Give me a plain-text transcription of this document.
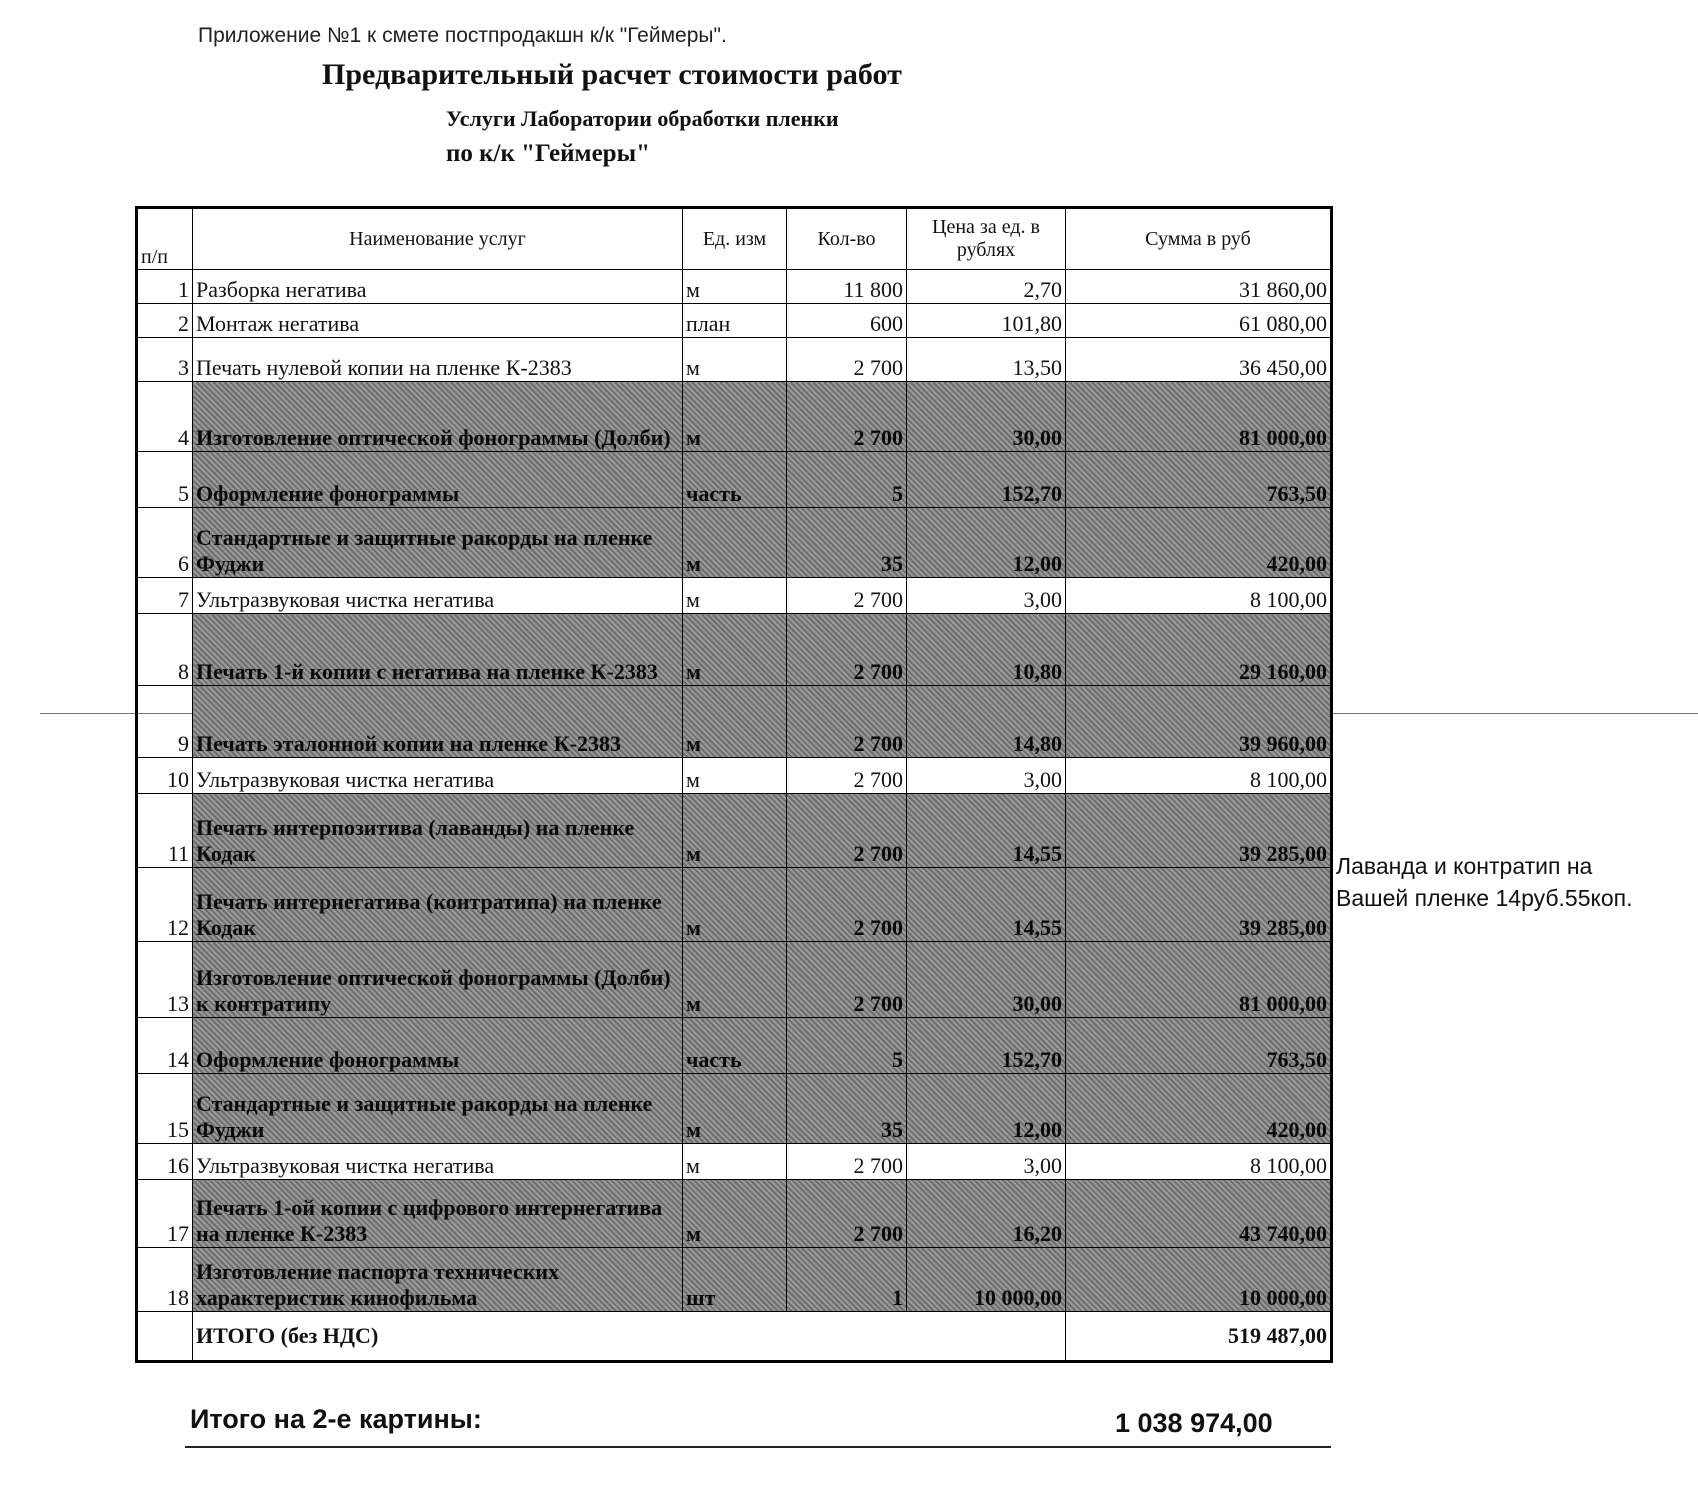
Приложение №1 к смете постпродакшн к/к "Геймеры".
Предварительный расчет стоимости работ
Услуги Лаборатории обработки пленки
по к/к "Геймеры"
п/п	Наименование услуг	Ед. изм	Кол-во	Цена за ед. в рублях	Сумма в руб
1	Разборка негатива	м	11 800	2,70	31 860,00
2	Монтаж негатива	план	600	101,80	61 080,00
3	Печать нулевой копии на пленке К-2383	м	2 700	13,50	36 450,00
4	Изготовление оптической фонограммы (Долби)	м	2 700	30,00	81 000,00
5	Оформление фонограммы	часть	5	152,70	763,50
6	Стандартные и защитные ракорды на пленке Фуджи	м	35	12,00	420,00
7	Ультразвуковая чистка негатива	м	2 700	3,00	8 100,00
8	Печать 1-й копии с негатива на пленке К-2383	м	2 700	10,80	29 160,00
9	Печать эталонной копии на пленке К-2383	м	2 700	14,80	39 960,00
10	Ультразвуковая чистка негатива	м	2 700	3,00	8 100,00
11	Печать интерпозитива (лаванды) на пленке Кодак	м	2 700	14,55	39 285,00
12	Печать интернегатива (контратипа) на пленке Кодак	м	2 700	14,55	39 285,00
13	Изготовление оптической фонограммы (Долби) к контратипу	м	2 700	30,00	81 000,00
14	Оформление фонограммы	часть	5	152,70	763,50
15	Стандартные и защитные ракорды на пленке Фуджи	м	35	12,00	420,00
16	Ультразвуковая чистка негатива	м	2 700	3,00	8 100,00
17	Печать 1-ой копии с цифрового интернегатива на пленке К-2383	м	2 700	16,20	43 740,00
18	Изготовление паспорта технических характеристик кинофильма	шт	1	10 000,00	10 000,00
	ИТОГО (без НДС)				519 487,00
Лаванда и контратип на
Вашей пленке 14руб.55коп.
Итого на 2-е картины:	1 038 974,00
